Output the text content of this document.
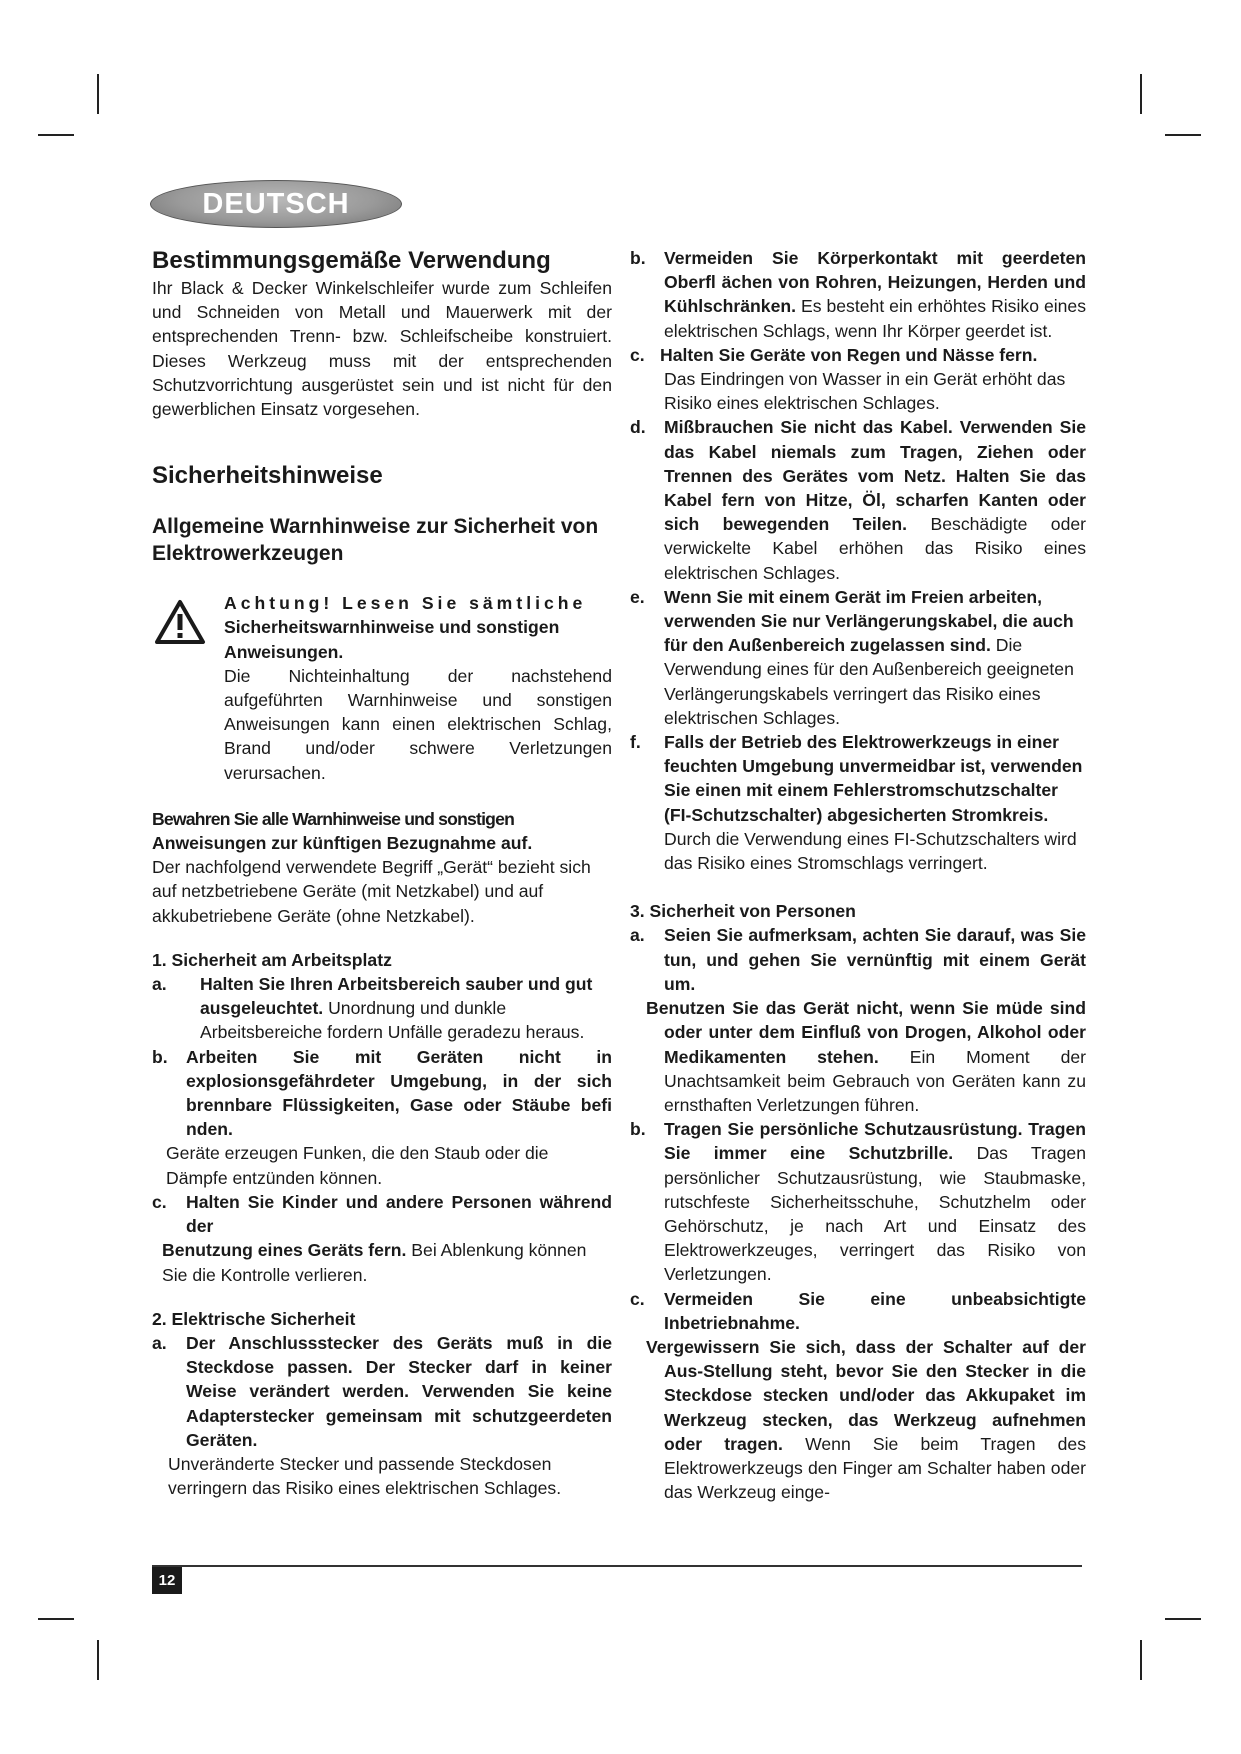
DEUTSCH

Bestimmungsgemäße Verwendung

Ihr Black & Decker Winkelschleifer wurde zum Schleifen und Schneiden von Metall und Mauerwerk mit der entsprechenden Trenn- bzw. Schleifscheibe konstruiert. Dieses Werkzeug muss mit der entsprechenden Schutzvorrichtung ausgerüstet sein und ist nicht für den gewerblichen Einsatz vorgesehen.

Sicherheitshinweise

Allgemeine Warnhinweise zur Sicherheit von Elektrowerkzeugen

Achtung! Lesen Sie sämtliche

Sicherheitswarnhinweise und sonstigen Anweisungen.

Die Nichteinhaltung der nachstehend aufgeführten Warnhinweise und sonstigen Anweisungen kann einen elektrischen Schlag, Brand und/oder schwere Verletzungen verursachen.

Bewahren Sie alle Warnhinweise und sonstigen

Anweisungen zur künftigen Bezugnahme auf.

Der nachfolgend verwendete Begriff „Gerät“ bezieht sich auf netzbetriebene Geräte (mit Netzkabel) und auf akkubetriebene Geräte (ohne Netzkabel).

1. Sicherheit am Arbeitsplatz

a.	Halten Sie Ihren Arbeitsbereich sauber und gut ausgeleuchtet. Unordnung und dunkle Arbeitsbereiche fordern Unfälle geradezu heraus.
b. Arbeiten Sie mit Geräten nicht in explosionsgefährdeter Umgebung, in der sich brennbare Flüssigkeiten, Gase oder Stäube befi nden.

Geräte erzeugen Funken, die den Staub oder die Dämpfe entzünden können.

c. Halten Sie Kinder und andere Personen während der

Benutzung eines Geräts fern. Bei Ablenkung können Sie die Kontrolle verlieren.

2. Elektrische Sicherheit

a. Der Anschlussstecker des Geräts muß in die Steckdose passen. Der Stecker darf in keiner Weise verändert werden. Verwenden Sie keine Adapterstecker gemeinsam mit schutzgeerdeten Geräten.

Unveränderte Stecker und passende Steckdosen verringern das Risiko eines elektrischen Schlages.

b. Vermeiden Sie Körperkontakt mit geerdeten Oberfl ächen von Rohren, Heizungen, Herden und Kühlschränken. Es besteht ein erhöhtes Risiko eines elektrischen Schlags, wenn Ihr Körper geerdet ist.

c. Halten Sie Geräte von Regen und Nässe fern.

Das Eindringen von Wasser in ein Gerät erhöht das Risiko eines elektrischen Schlages.

d. Mißbrauchen Sie nicht das Kabel. Verwenden Sie das Kabel niemals zum Tragen, Ziehen oder Trennen des Gerätes vom Netz. Halten Sie das Kabel fern von Hitze, Öl, scharfen Kanten oder sich bewegenden Teilen. Beschädigte oder verwickelte Kabel erhöhen das Risiko eines elektrischen Schlages.

e. Wenn Sie mit einem Gerät im Freien arbeiten, verwenden Sie nur Verlängerungskabel, die auch für den Außenbereich zugelassen sind. Die Verwendung eines für den Außenbereich geeigneten Verlängerungskabels verringert das Risiko eines elektrischen Schlages.

f. Falls der Betrieb des Elektrowerkzeugs in einer feuchten Umgebung unvermeidbar ist, verwenden Sie einen mit einem Fehlerstromschutzschalter (FI-Schutzschalter) abgesicherten Stromkreis. Durch die Verwendung eines FI-Schutzschalters wird das Risiko eines Stromschlags verringert.

3. Sicherheit von Personen

a. Seien Sie aufmerksam, achten Sie darauf, was Sie tun, und gehen Sie vernünftig mit einem Gerät um.

Benutzen Sie das Gerät nicht, wenn Sie müde sind oder unter dem Einfluß von Drogen, Alkohol oder Medikamenten stehen. Ein Moment der Unachtsamkeit beim Gebrauch von Geräten kann zu ernsthaften Verletzungen führen.

b. Tragen Sie persönliche Schutzausrüstung. Tragen Sie immer eine Schutzbrille. Das Tragen persönlicher Schutzausrüstung, wie Staubmaske, rutschfeste Sicherheitsschuhe, Schutzhelm oder Gehörschutz, je nach Art und Einsatz des Elektrowerkzeuges, verringert das Risiko von Verletzungen.

c. Vermeiden Sie eine unbeabsichtigte Inbetriebnahme.

Vergewissern Sie sich, dass der Schalter auf der Aus-Stellung steht, bevor Sie den Stecker in die Steckdose stecken und/oder das Akkupaket im Werkzeug stecken, das Werkzeug aufnehmen oder tragen. Wenn Sie beim Tragen des Elektrowerkzeugs den Finger am Schalter haben oder das Werkzeug einge-

12
